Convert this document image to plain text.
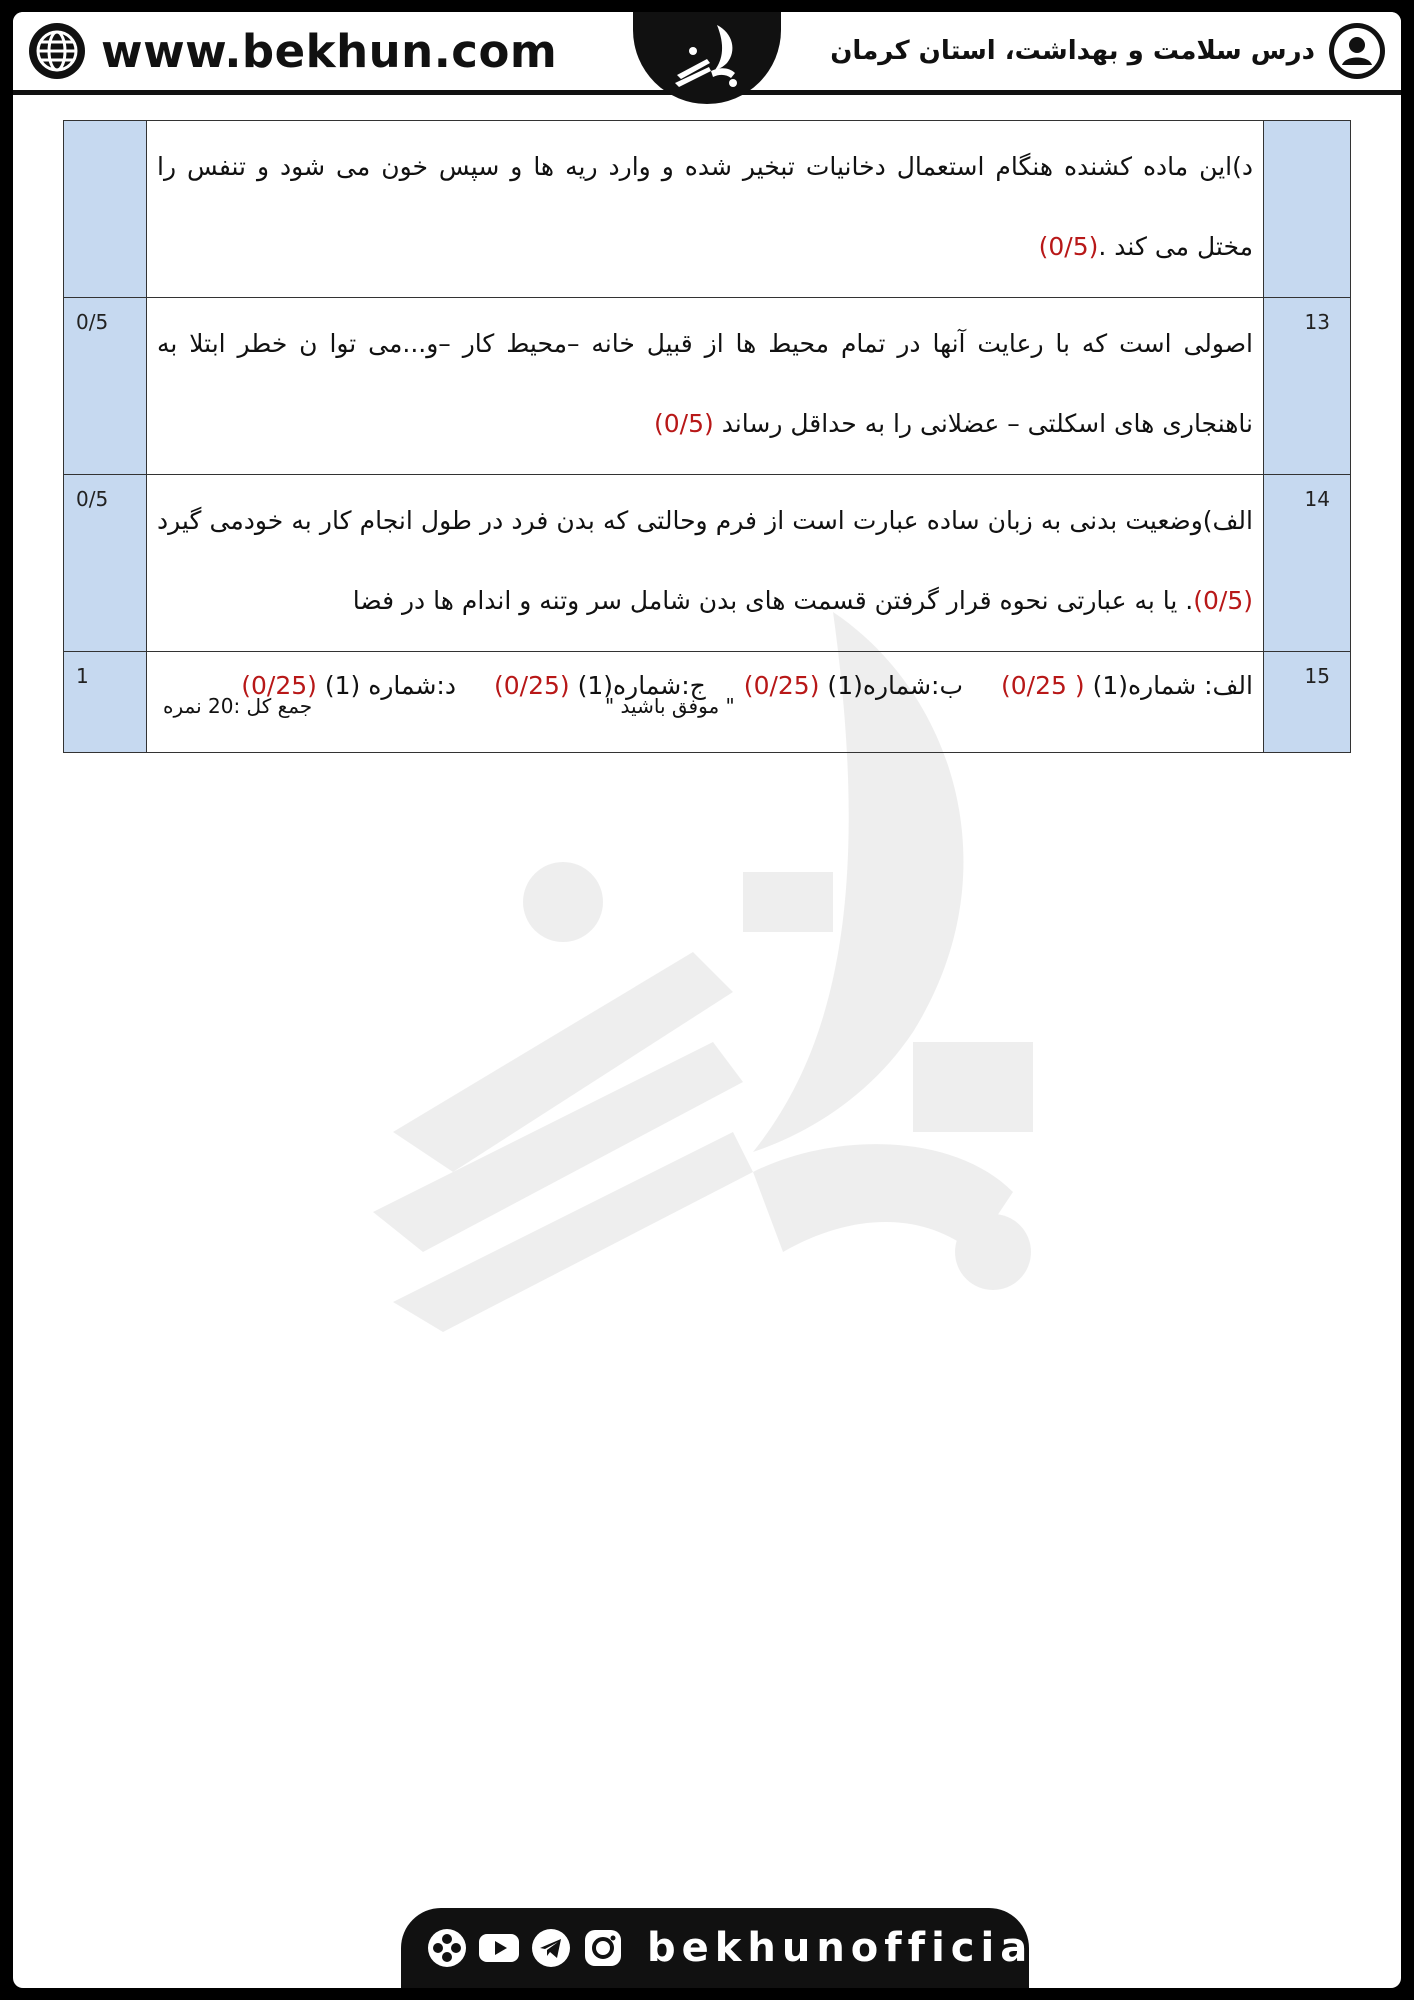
www.bekhun.com	درس سلامت و بهداشت، استان کرمان
	د)این ماده کشنده هنگام استعمال دخانیات تبخیر شده و وارد ریه ها و سپس خون می شود و تنفس را مختل می کند .(0/5)	

13	اصولی است که با رعایت آنها در تمام محیط ها از قبیل خانه –محیط کار –و...می توا ن خطر ابتلا به ناهنجاری های اسکلتی – عضلانی را به حداقل رساند (0/5)	0/5

14	الف)وضعیت بدنی به زبان ساده عبارت است از فرم وحالتی که بدن فرد در طول انجام کار به خودمی گیرد (0/5). یا به عبارتی نحوه قرار گرفتن قسمت های بدن شامل سر وتنه و اندام ها در فضا	0/5

15	الف: شماره(1) ( 0/25)ب:شماره(1) (0/25)ج:شماره(1) (0/25)د:شماره (1) (0/25)	1
" موفق باشید "
جمع کل :20 نمره
bekhunofficial
